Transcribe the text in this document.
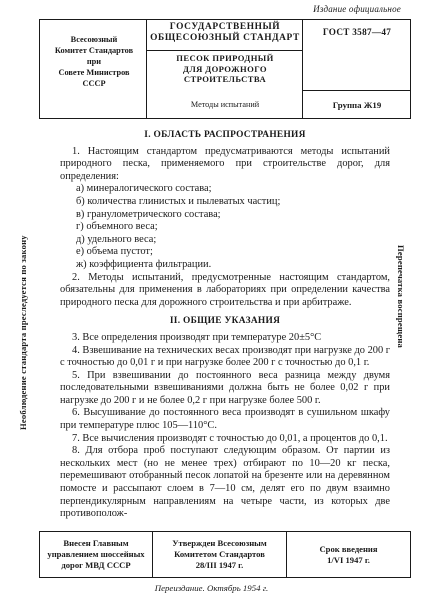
Издание официальное
Всесоюзный
Комитет Стандартов
при
Совете Министров
СССР
ГОСУДАРСТВЕННЫЙ
ОБЩЕСОЮЗНЫЙ СТАНДАРТ
ПЕСОК ПРИРОДНЫЙ
ДЛЯ ДОРОЖНОГО
СТРОИТЕЛЬСТВА
Методы испытаний
ГОСТ 3587—47
Группа Ж19
Необлюдение стандарта преследуется по закону	Перепечатка воспрещена
I. ОБЛАСТЬ РАСПРОСТРАНЕНИЯ

1. Настоящим стандартом предусматриваются методы испытаний природного песка, применяемого при строительстве дорог, для определения:

а) минералогического состава;
б) количества глинистых и пылеватых частиц;
в) гранулометрического состава;
г) объемного веса;
д) удельного веса;
е) объема пустот;
ж) коэффициента фильтрации.

2. Методы испытаний, предусмотренные настоящим стандартом, обязательны для применения в лабораториях при определении качества природного песка для дорожного строительства и при арбитраже.

II. ОБЩИЕ УКАЗАНИЯ

3. Все определения производят при температуре 20±5°С

4. Взвешивание на технических весах производят при нагрузке до 200 г с точностью до 0,01 г и при нагрузке более 200 г с точностью до 0,1 г.

5. При взвешивании до постоянного веса разница между двумя последовательными взвешиваниями должна быть не более 0,02 г при нагрузке до 200 г и не более 0,2 г при нагрузке более 500 г.

6. Высушивание до постоянного веса производят в сушильном шкафу при температуре плюс 105—110°С.

7. Все вычисления производят с точностью до 0,01, а процентов до 0,1.

8. Для отбора проб поступают следующим образом. От партии из нескольких мест (но не менее трех) отбирают по 10—20 кг песка, перемешивают отобранный песок лопатой на брезенте или на деревянном помосте и рассыпают слоем в 7—10 см, делят его по двум взаимно перпендикулярным направлениям на четыре части, из которых две противополож-

Внесен Главным
управлением шоссейных
дорог МВД СССР
Утвержден Всесоюзным
Комитетом Стандартов
28/III 1947 г.
Срок введения
1/VI 1947 г.
Переиздание. Октябрь 1954 г.
